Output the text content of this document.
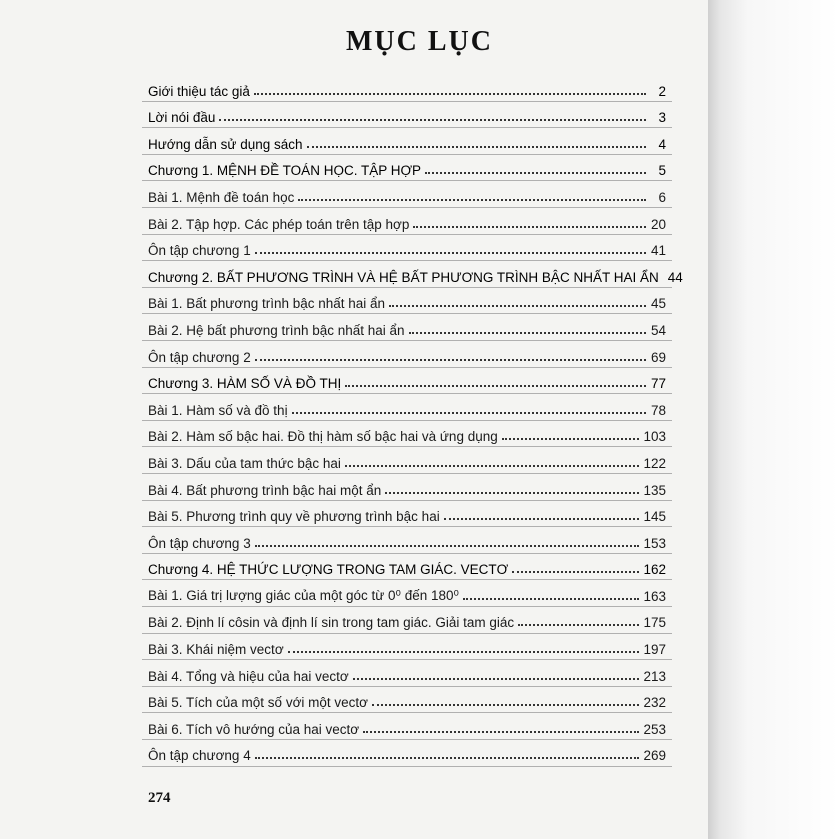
MỤC LỤC
Giới thiệu tác giả	2
Lời nói đầu	3
Hướng dẫn sử dụng sách	4
Chương 1. MỆNH ĐỀ TOÁN HỌC. TẬP HỢP	5
Bài 1. Mệnh đề toán học	6
Bài 2. Tập hợp. Các phép toán trên tập hợp	20
Ôn tập chương 1	41
Chương 2. BẤT PHƯƠNG TRÌNH VÀ HỆ BẤT PHƯƠNG TRÌNH BẬC NHẤT HAI ẨN 44
Bài 1. Bất phương trình bậc nhất hai ẩn	45
Bài 2. Hệ bất phương trình bậc nhất hai ẩn	54
Ôn tập chương 2	69
Chương 3. HÀM SỐ VÀ ĐỒ THỊ	77
Bài 1. Hàm số và đồ thị	78
Bài 2. Hàm số bậc hai. Đồ thị hàm số bậc hai và ứng dụng	103
Bài 3. Dấu của tam thức bậc hai	122
Bài 4. Bất phương trình bậc hai một ẩn	135
Bài 5. Phương trình quy về phương trình bậc hai	145
Ôn tập chương 3	153
Chương 4. HỆ THỨC LƯỢNG TRONG TAM GIÁC. VECTƠ	162
Bài 1. Giá trị lượng giác của một góc từ 0⁰ đến 180⁰	163
Bài 2. Định lí côsin và định lí sin trong tam giác. Giải tam giác	175
Bài 3. Khái niệm vectơ	197
Bài 4. Tổng và hiệu của hai vectơ	213
Bài 5. Tích của một số với một vectơ	232
Bài 6. Tích vô hướng của hai vectơ	253
Ôn tập chương 4	269
274
